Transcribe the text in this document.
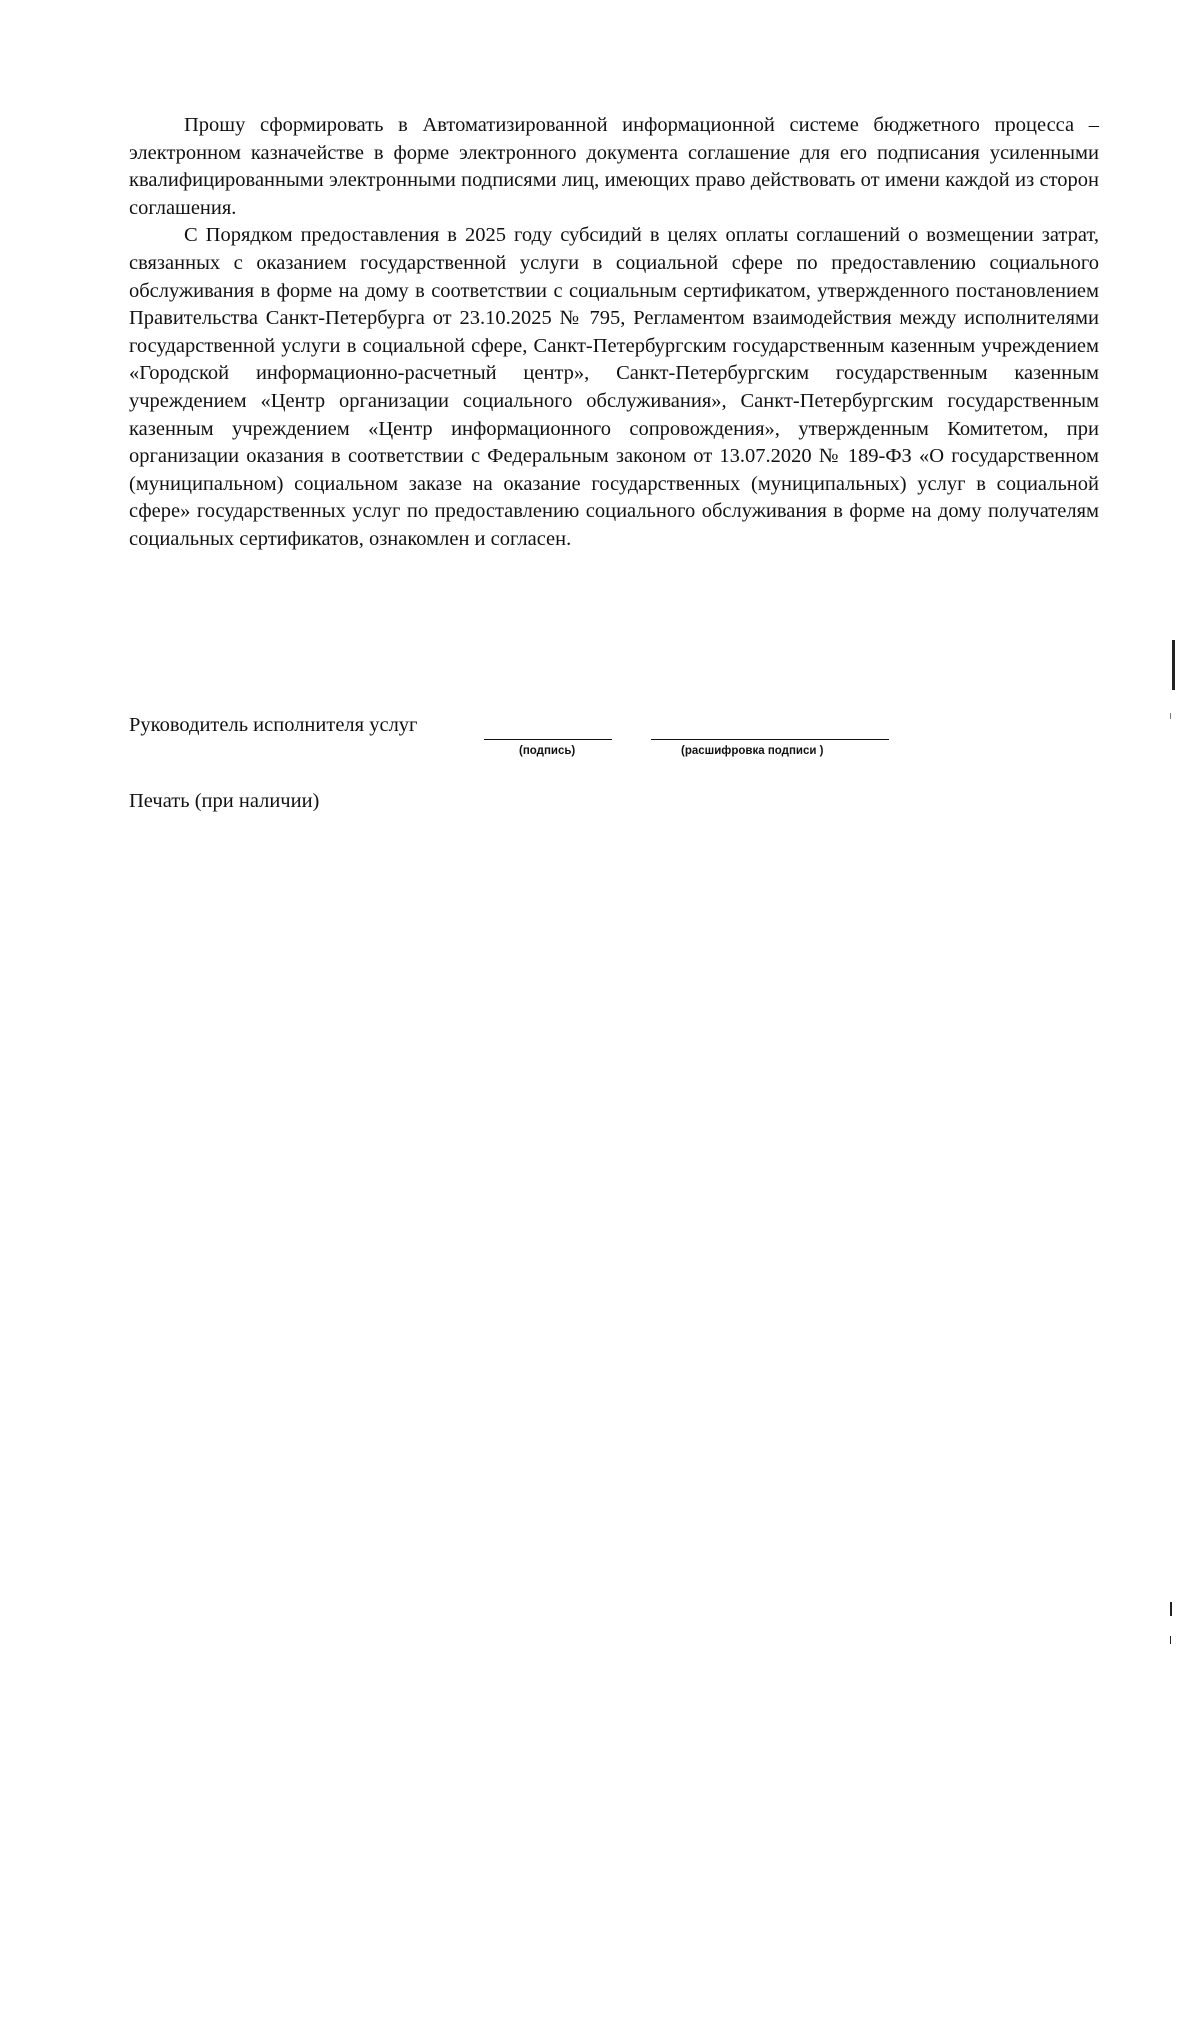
Прошу сформировать в Автоматизированной информационной системе бюджетного процесса – электронном казначействе в форме электронного документа соглашение для его подписания усиленными квалифицированными электронными подписями лиц, имеющих право действовать от имени каждой из сторон соглашения.

С Порядком предоставления в 2025 году субсидий в целях оплаты соглашений о возмещении затрат, связанных с оказанием государственной услуги в социальной сфере по предоставлению социального обслуживания в форме на дому в соответствии с социальным сертификатом, утвержденного постановлением Правительства Санкт-Петербурга от 23.10.2025 № 795, Регламентом взаимодействия между исполнителями государственной услуги в социальной сфере, Санкт-Петербургским государственным казенным учреждением «Городской информационно-расчетный центр», Санкт-Петербургским государственным казенным учреждением «Центр организации социального обслуживания», Санкт-Петербургским государственным казенным учреждением «Центр информационного сопровождения», утвержденным Комитетом, при организации оказания в соответствии с Федеральным законом от 13.07.2020 № 189-ФЗ «О государственном (муниципальном) социальном заказе на оказание государственных (муниципальных) услуг в социальной сфере» государственных услуг по предоставлению социального обслуживания в форме на дому получателям социальных сертификатов, ознакомлен и согласен.

Руководитель исполнителя услуг
(подпись)	(расшифровка подписи )
Печать (при наличии)
